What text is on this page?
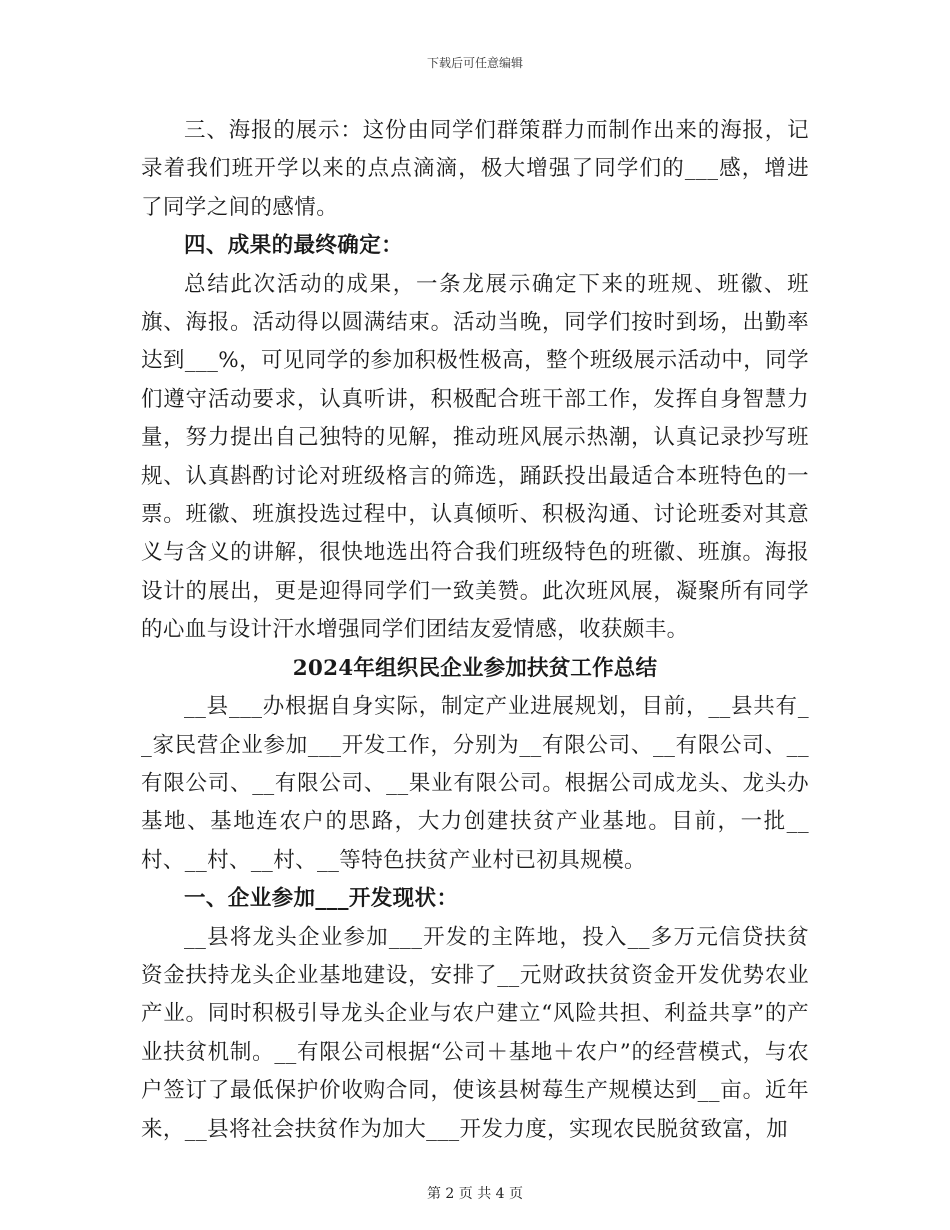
下载后可任意编辑

三、海报的展示：这份由同学们群策群力而制作出来的海报，记录着我们班开学以来的点点滴滴，极大增强了同学们的___感，增进了同学之间的感情。

四、成果的最终确定：

总结此次活动的成果，一条龙展示确定下来的班规、班徽、班旗、海报。活动得以圆满结束。活动当晚，同学们按时到场，出勤率达到___%，可见同学的参加积极性极高，整个班级展示活动中，同学们遵守活动要求，认真听讲，积极配合班干部工作，发挥自身智慧力量，努力提出自己独特的见解，推动班风展示热潮，认真记录抄写班规、认真斟酌讨论对班级格言的筛选，踊跃投出最适合本班特色的一票。班徽、班旗投选过程中，认真倾听、积极沟通、讨论班委对其意义与含义的讲解，很快地选出符合我们班级特色的班徽、班旗。海报设计的展出，更是迎得同学们一致美赞。此次班风展，凝聚所有同学的心血与设计汗水增强同学们团结友爱情感，收获颇丰。

2024年组织民企业参加扶贫工作总结

__县___办根据自身实际，制定产业进展规划，目前，__县共有__家民营企业参加___开发工作，分别为__有限公司、__有限公司、__有限公司、__有限公司、__果业有限公司。根据公司成龙头、龙头办基地、基地连农户的思路，大力创建扶贫产业基地。目前，一批__村、__村、__村、__等特色扶贫产业村已初具规模。

一、企业参加___开发现状：

__县将龙头企业参加___开发的主阵地，投入__多万元信贷扶贫资金扶持龙头企业基地建设，安排了__元财政扶贫资金开发优势农业产业。同时积极引导龙头企业与农户建立“风险共担、利益共享”的产业扶贫机制。__有限公司根据“公司＋基地＋农户”的经营模式，与农户签订了最低保护价收购合同，使该县树莓生产规模达到__亩。近年来，__县将社会扶贫作为加大___开发力度，实现农民脱贫致富，加

第 2 页 共 4 页
